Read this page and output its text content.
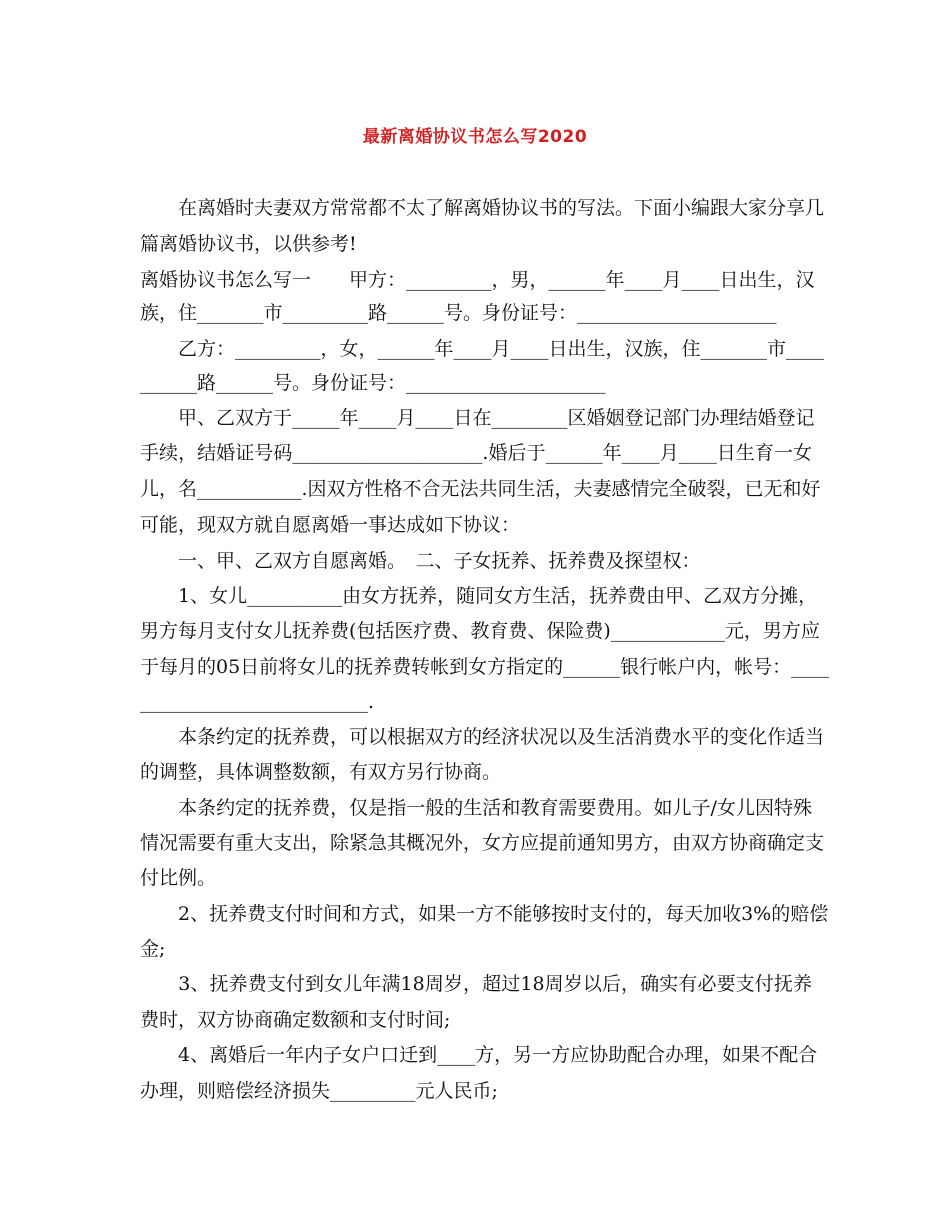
最新离婚协议书怎么写2020
　　在离婚时夫妻双方常常都不太了解离婚协议书的写法。下面小编跟大家分享几
篇离婚协议书，以供参考!
离婚协议书怎么写一　　甲方：_________，男，______年____月____日出生，汉
族，住_______市_________路______号。身份证号：_____________________
　　乙方：_________，女，______年____月____日出生，汉族，住_______市____
______路______号。身份证号：_____________________
　　甲、乙双方于_____年____月____日在________区婚姻登记部门办理结婚登记
手续，结婚证号码____________________.婚后于______年____月____日生育一女
儿，名___________.因双方性格不合无法共同生活，夫妻感情完全破裂，已无和好
可能，现双方就自愿离婚一事达成如下协议：
　　一、甲、乙双方自愿离婚。　二、子女抚养、抚养费及探望权：
　　1、女儿__________由女方抚养，随同女方生活，抚养费由甲、乙双方分摊，
男方每月支付女儿抚养费(包括医疗费、教育费、保险费)____________元，男方应
于每月的05日前将女儿的抚养费转帐到女方指定的______银行帐户内，帐号：____
________________________.
　　本条约定的抚养费，可以根据双方的经济状况以及生活消费水平的变化作适当
的调整，具体调整数额，有双方另行协商。
　　本条约定的抚养费，仅是指一般的生活和教育需要费用。如儿子/女儿因特殊
情况需要有重大支出，除紧急其概况外，女方应提前通知男方，由双方协商确定支
付比例。
　　2、抚养费支付时间和方式，如果一方不能够按时支付的，每天加收3%的赔偿
金;
　　3、抚养费支付到女儿年满18周岁，超过18周岁以后，确实有必要支付抚养
费时，双方协商确定数额和支付时间;
　　4、离婚后一年内子女户口迁到____方，另一方应协助配合办理，如果不配合
办理，则赔偿经济损失_________元人民币;
